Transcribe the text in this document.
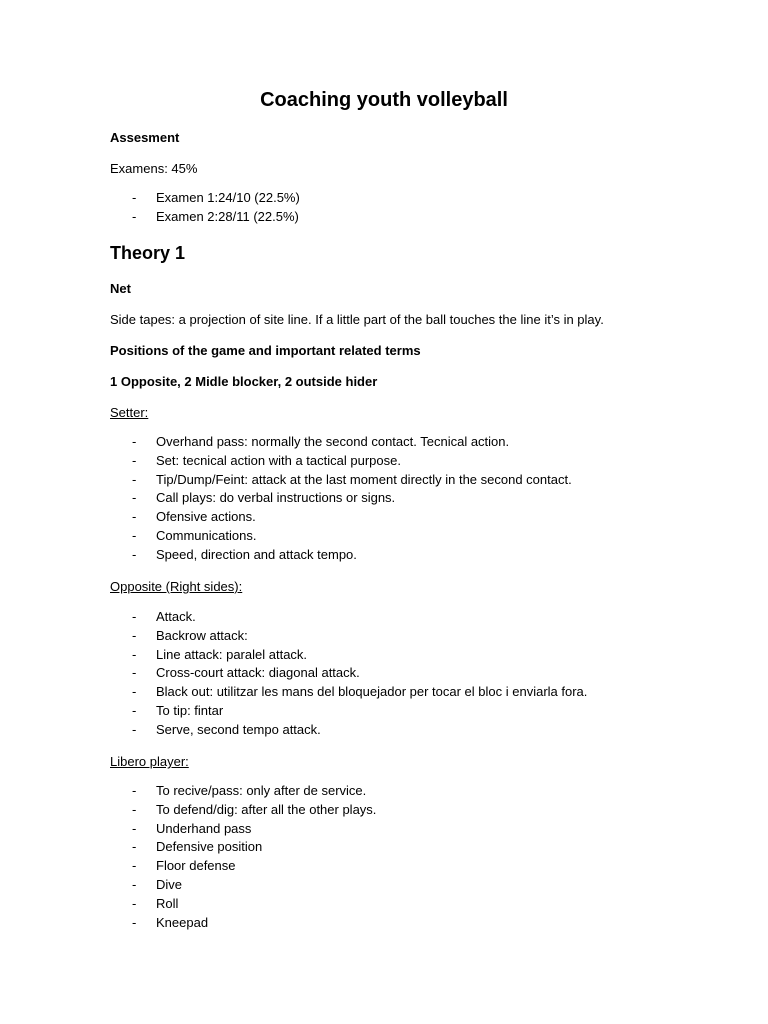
Coaching youth volleyball
Assesment
Examens: 45%
- Examen 1:24/10 (22.5%)
- Examen 2:28/11 (22.5%)
Theory 1
Net
Side tapes: a projection of site line. If a little part of the ball touches the line it’s in play.
Positions of the game and important related terms
1 Opposite, 2 Midle blocker, 2 outside hider
Setter:
- Overhand pass: normally the second contact. Tecnical action.
- Set: tecnical action with a tactical purpose.
- Tip/Dump/Feint: attack at the last moment directly in the second contact.
- Call plays: do verbal instructions or signs.
- Ofensive actions.
- Communications.
- Speed, direction and attack tempo.
Opposite (Right sides):
- Attack.
- Backrow attack:
- Line attack: paralel attack.
- Cross-court attack: diagonal attack.
- Black out: utilitzar les mans del bloquejador per tocar el bloc i enviarla fora.
- To tip: fintar
- Serve, second tempo attack.
Libero player:
- To recive/pass: only after de service.
- To defend/dig: after all the other plays.
- Underhand pass
- Defensive position
- Floor defense
- Dive
- Roll
- Kneepad
